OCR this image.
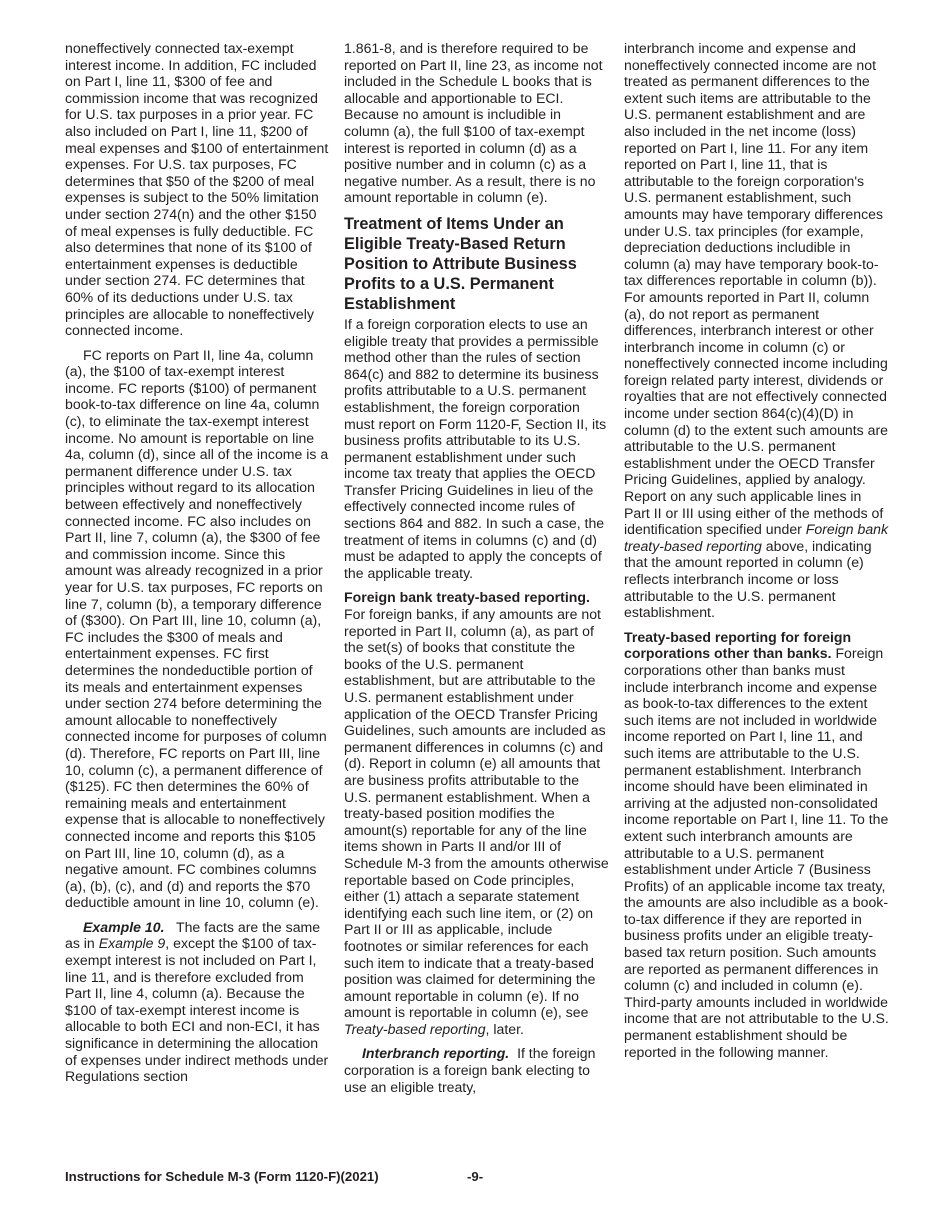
noneffectively connected tax-exempt interest income. In addition, FC included on Part I, line 11, $300 of fee and commission income that was recognized for U.S. tax purposes in a prior year. FC also included on Part I, line 11, $200 of meal expenses and $100 of entertainment expenses. For U.S. tax purposes, FC determines that $50 of the $200 of meal expenses is subject to the 50% limitation under section 274(n) and the other $150 of meal expenses is fully deductible. FC also determines that none of its $100 of entertainment expenses is deductible under section 274. FC determines that 60% of its deductions under U.S. tax principles are allocable to noneffectively connected income.

FC reports on Part II, line 4a, column (a), the $100 of tax-exempt interest income. FC reports ($100) of permanent book-to-tax difference on line 4a, column (c), to eliminate the tax-exempt interest income. No amount is reportable on line 4a, column (d), since all of the income is a permanent difference under U.S. tax principles without regard to its allocation between effectively and noneffectively connected income. FC also includes on Part II, line 7, column (a), the $300 of fee and commission income. Since this amount was already recognized in a prior year for U.S. tax purposes, FC reports on line 7, column (b), a temporary difference of ($300). On Part III, line 10, column (a), FC includes the $300 of meals and entertainment expenses. FC first determines the nondeductible portion of its meals and entertainment expenses under section 274 before determining the amount allocable to noneffectively connected income for purposes of column (d). Therefore, FC reports on Part III, line 10, column (c), a permanent difference of ($125). FC then determines the 60% of remaining meals and entertainment expense that is allocable to noneffectively connected income and reports this $105 on Part III, line 10, column (d), as a negative amount. FC combines columns (a), (b), (c), and (d) and reports the $70 deductible amount in line 10, column (e).

Example 10. The facts are the same as in Example 9, except the $100 of tax-exempt interest is not included on Part I, line 11, and is therefore excluded from Part II, line 4, column (a). Because the $100 of tax-exempt interest income is allocable to both ECI and non-ECI, it has significance in determining the allocation of expenses under indirect methods under Regulations section

1.861-8, and is therefore required to be reported on Part II, line 23, as income not included in the Schedule L books that is allocable and apportionable to ECI. Because no amount is includible in column (a), the full $100 of tax-exempt interest is reported in column (d) as a positive number and in column (c) as a negative number. As a result, there is no amount reportable in column (e).

Treatment of Items Under an Eligible Treaty-Based Return Position to Attribute Business Profits to a U.S. Permanent Establishment

If a foreign corporation elects to use an eligible treaty that provides a permissible method other than the rules of section 864(c) and 882 to determine its business profits attributable to a U.S. permanent establishment, the foreign corporation must report on Form 1120-F, Section II, its business profits attributable to its U.S. permanent establishment under such income tax treaty that applies the OECD Transfer Pricing Guidelines in lieu of the effectively connected income rules of sections 864 and 882. In such a case, the treatment of items in columns (c) and (d) must be adapted to apply the concepts of the applicable treaty.

Foreign bank treaty-based reporting. For foreign banks, if any amounts are not reported in Part II, column (a), as part of the set(s) of books that constitute the books of the U.S. permanent establishment, but are attributable to the U.S. permanent establishment under application of the OECD Transfer Pricing Guidelines, such amounts are included as permanent differences in columns (c) and (d). Report in column (e) all amounts that are business profits attributable to the U.S. permanent establishment. When a treaty-based position modifies the amount(s) reportable for any of the line items shown in Parts II and/or III of Schedule M-3 from the amounts otherwise reportable based on Code principles, either (1) attach a separate statement identifying each such line item, or (2) on Part II or III as applicable, include footnotes or similar references for each such item to indicate that a treaty-based position was claimed for determining the amount reportable in column (e). If no amount is reportable in column (e), see Treaty-based reporting, later.

Interbranch reporting. If the foreign corporation is a foreign bank electing to use an eligible treaty,

interbranch income and expense and noneffectively connected income are not treated as permanent differences to the extent such items are attributable to the U.S. permanent establishment and are also included in the net income (loss) reported on Part I, line 11. For any item reported on Part I, line 11, that is attributable to the foreign corporation's U.S. permanent establishment, such amounts may have temporary differences under U.S. tax principles (for example, depreciation deductions includible in column (a) may have temporary book-to-tax differences reportable in column (b)). For amounts reported in Part II, column (a), do not report as permanent differences, interbranch interest or other interbranch income in column (c) or noneffectively connected income including foreign related party interest, dividends or royalties that are not effectively connected income under section 864(c)(4)(D) in column (d) to the extent such amounts are attributable to the U.S. permanent establishment under the OECD Transfer Pricing Guidelines, applied by analogy. Report on any such applicable lines in Part II or III using either of the methods of identification specified under Foreign bank treaty-based reporting above, indicating that the amount reported in column (e) reflects interbranch income or loss attributable to the U.S. permanent establishment.

Treaty-based reporting for foreign corporations other than banks. Foreign corporations other than banks must include interbranch income and expense as book-to-tax differences to the extent such items are not included in worldwide income reported on Part I, line 11, and such items are attributable to the U.S. permanent establishment. Interbranch income should have been eliminated in arriving at the adjusted non-consolidated income reportable on Part I, line 11. To the extent such interbranch amounts are attributable to a U.S. permanent establishment under Article 7 (Business Profits) of an applicable income tax treaty, the amounts are also includible as a book-to-tax difference if they are reported in business profits under an eligible treaty-based tax return position. Such amounts are reported as permanent differences in column (c) and included in column (e). Third-party amounts included in worldwide income that are not attributable to the U.S. permanent establishment should be reported in the following manner.

Instructions for Schedule M-3 (Form 1120-F)(2021)	-9-
